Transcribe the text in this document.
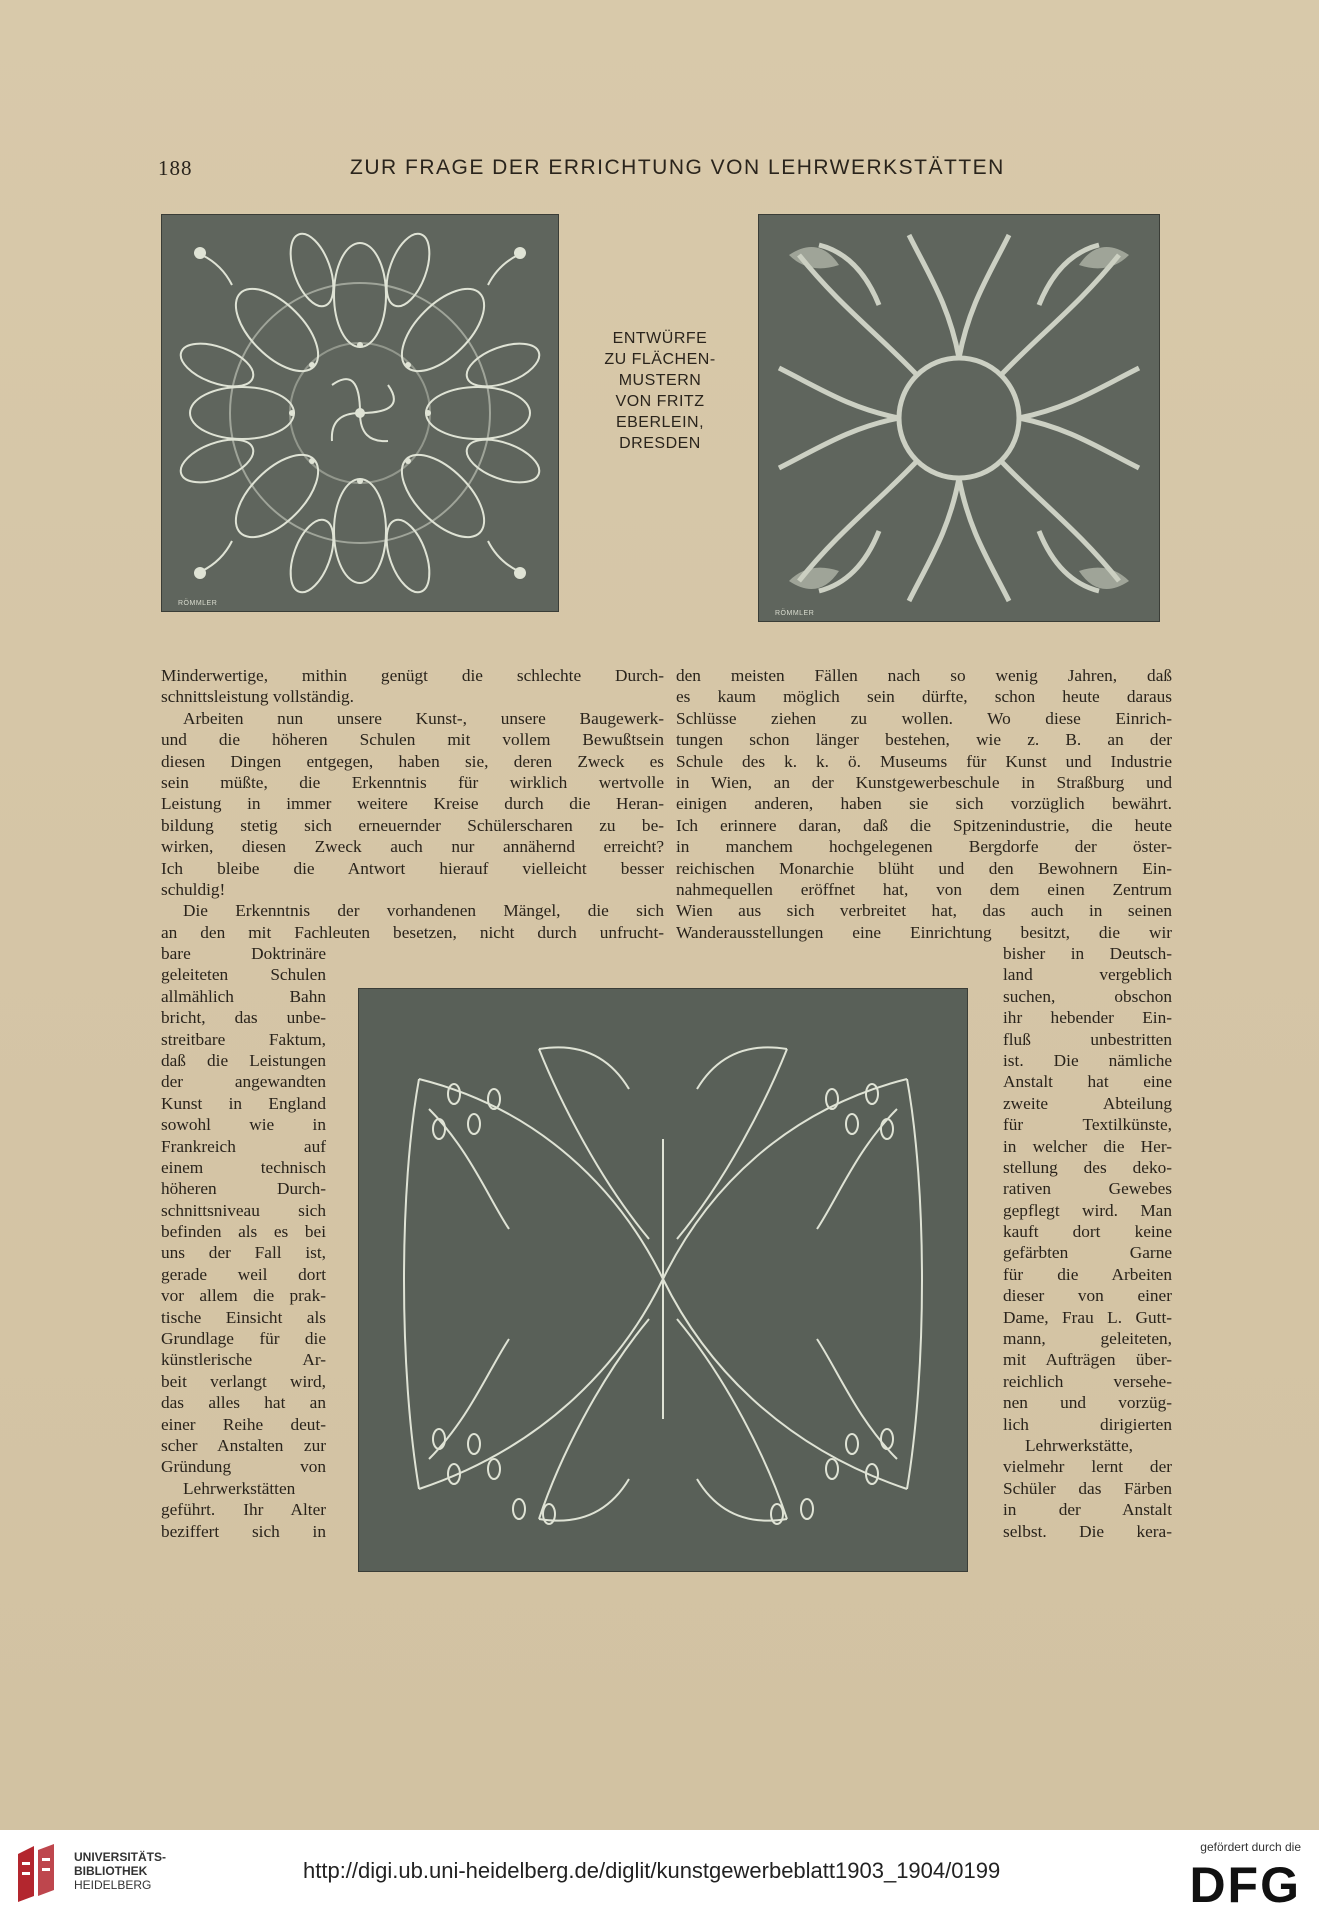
188	ZUR FRAGE DER ERRICHTUNG VON LEHRWERKSTÄTTEN
RÖMMLER
ENTWÜRFE
ZU FLÄCHEN-
MUSTERN
VON FRITZ
EBERLEIN,
DRESDEN
RÖMMLER
Minderwertige, mithin genügt die schlechte Durch-
schnittsleistung vollständig.
Arbeiten nun unsere Kunst-, unsere Baugewerk-
und die höheren Schulen mit vollem Bewußtsein
diesen Dingen entgegen, haben sie, deren Zweck es
sein müßte, die Erkenntnis für wirklich wertvolle
Leistung in immer weitere Kreise durch die Heran-
bildung stetig sich erneuernder Schülerscharen zu be-
wirken, diesen Zweck auch nur annähernd erreicht?
Ich bleibe die Antwort hierauf vielleicht besser
schuldig!
Die Erkenntnis der vorhandenen Mängel, die sich
an den mit Fachleuten besetzen, nicht durch unfrucht-
bare Doktrinäre
geleiteten Schulen
allmählich Bahn
bricht, das unbe-
streitbare Faktum,
daß die Leistungen
der angewandten
Kunst in England
sowohl wie in
Frankreich auf
einem technisch
höheren Durch-
schnittsniveau sich
befinden als es bei
uns der Fall ist,
gerade weil dort
vor allem die prak-
tische Einsicht als
Grundlage für die
künstlerische Ar-
beit verlangt wird,
das alles hat an
einer Reihe deut-
scher Anstalten zur
Gründung von
Lehrwerkstätten
geführt. Ihr Alter
beziffert sich in
den meisten Fällen nach so wenig Jahren, daß
es kaum möglich sein dürfte, schon heute daraus
Schlüsse ziehen zu wollen. Wo diese Einrich-
tungen schon länger bestehen, wie z. B. an der
Schule des k. k. ö. Museums für Kunst und Industrie
in Wien, an der Kunstgewerbeschule in Straßburg und
einigen anderen, haben sie sich vorzüglich bewährt.
Ich erinnere daran, daß die Spitzenindustrie, die heute
in manchem hochgelegenen Bergdorfe der öster-
reichischen Monarchie blüht und den Bewohnern Ein-
nahmequellen eröffnet hat, von dem einen Zentrum
Wien aus sich verbreitet hat, das auch in seinen
Wanderausstellungen eine Einrichtung besitzt, die wir
bisher in Deutsch-
land vergeblich
suchen, obschon
ihr hebender Ein-
fluß unbestritten
ist. Die nämliche
Anstalt hat eine
zweite Abteilung
für Textilkünste,
in welcher die Her-
stellung des deko-
rativen Gewebes
gepflegt wird. Man
kauft dort keine
gefärbten Garne
für die Arbeiten
dieser von einer
Dame, Frau L. Gutt-
mann, geleiteten,
mit Aufträgen über-
reichlich versehe-
nen und vorzüg-
lich dirigierten
Lehrwerkstätte,
vielmehr lernt der
Schüler das Färben
in der Anstalt
selbst. Die kera-
UNIVERSITÄTS-
BIBLIOTHEK
HEIDELBERG
http://digi.ub.uni-heidelberg.de/diglit/kunstgewerbeblatt1903_1904/0199
gefördert durch die
DFG
